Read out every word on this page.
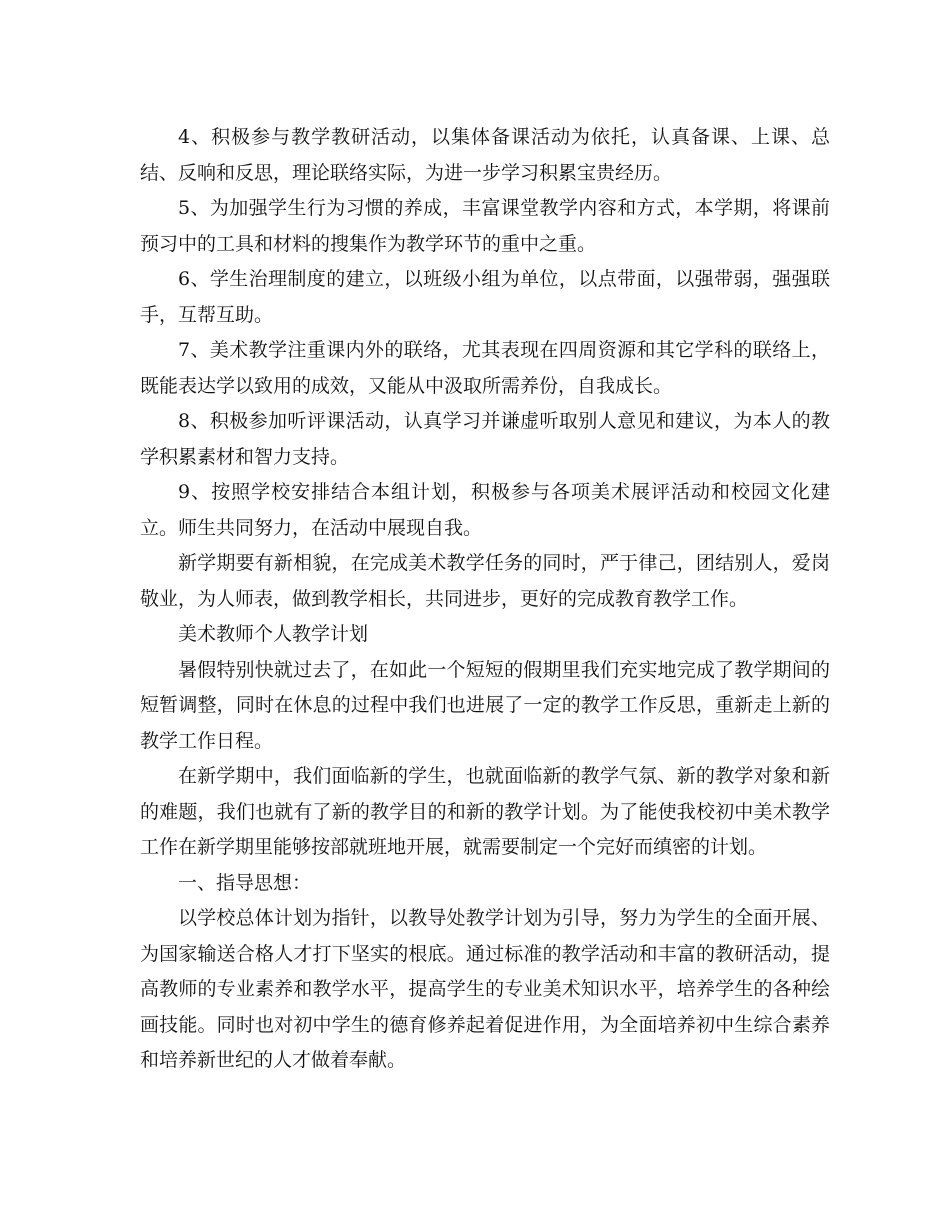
4、积极参与教学教研活动，以集体备课活动为依托，认真备课、上课、总结、反响和反思，理论联络实际，为进一步学习积累宝贵经历。

5、为加强学生行为习惯的养成，丰富课堂教学内容和方式，本学期，将课前预习中的工具和材料的搜集作为教学环节的重中之重。

6、学生治理制度的建立，以班级小组为单位，以点带面，以强带弱，强强联手，互帮互助。

7、美术教学注重课内外的联络，尤其表现在四周资源和其它学科的联络上，既能表达学以致用的成效，又能从中汲取所需养份，自我成长。

8、积极参加听评课活动，认真学习并谦虚听取别人意见和建议，为本人的教学积累素材和智力支持。

9、按照学校安排结合本组计划，积极参与各项美术展评活动和校园文化建立。师生共同努力，在活动中展现自我。

新学期要有新相貌，在完成美术教学任务的同时，严于律己，团结别人，爱岗敬业，为人师表，做到教学相长，共同进步，更好的完成教育教学工作。

美术教师个人教学计划

暑假特别快就过去了，在如此一个短短的假期里我们充实地完成了教学期间的短暂调整，同时在休息的过程中我们也进展了一定的教学工作反思，重新走上新的教学工作日程。

在新学期中，我们面临新的学生，也就面临新的教学气氛、新的教学对象和新的难题，我们也就有了新的教学目的和新的教学计划。为了能使我校初中美术教学工作在新学期里能够按部就班地开展，就需要制定一个完好而缜密的计划。

一、指导思想：

以学校总体计划为指针，以教导处教学计划为引导，努力为学生的全面开展、为国家输送合格人才打下坚实的根底。通过标准的教学活动和丰富的教研活动，提高教师的专业素养和教学水平，提高学生的专业美术知识水平，培养学生的各种绘画技能。同时也对初中学生的德育修养起着促进作用，为全面培养初中生综合素养和培养新世纪的人才做着奉献。
